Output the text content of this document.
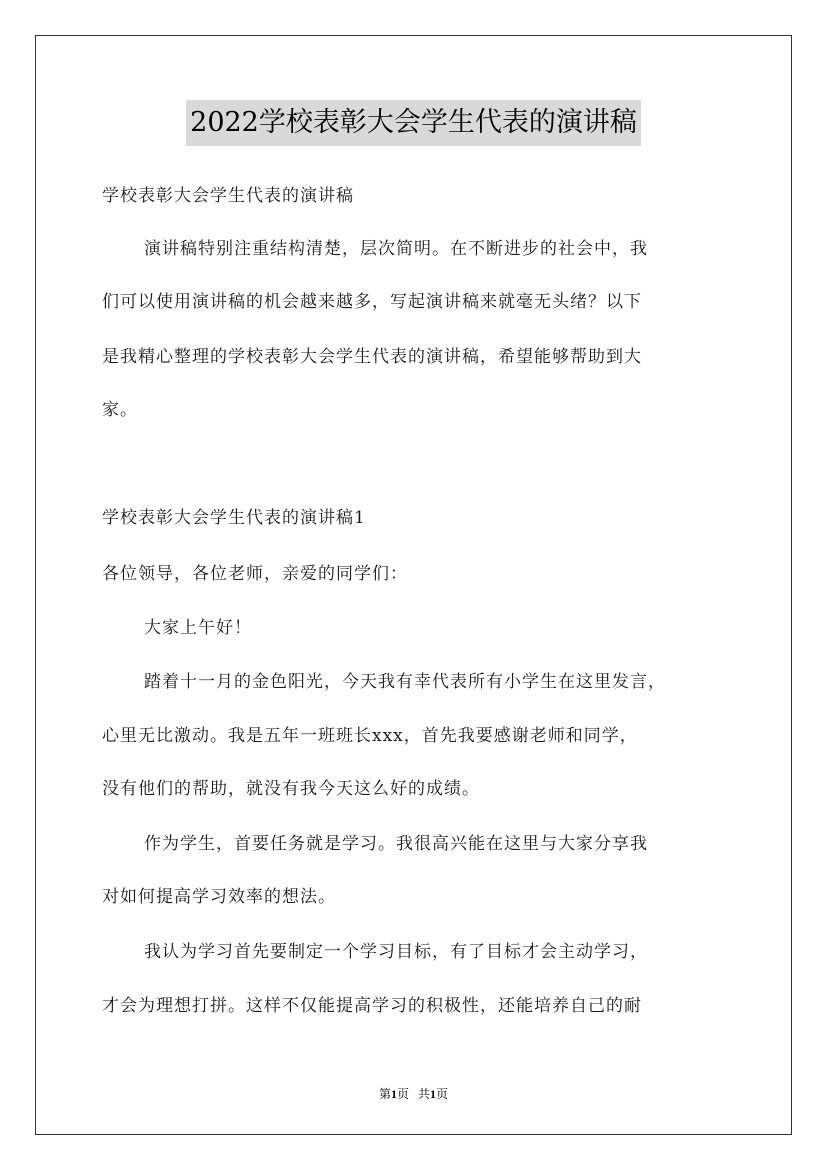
2022学校表彰大会学生代表的演讲稿
学校表彰大会学生代表的演讲稿
演讲稿特别注重结构清楚，层次简明。在不断进步的社会中，我
们可以使用演讲稿的机会越来越多，写起演讲稿来就毫无头绪？以下
是我精心整理的学校表彰大会学生代表的演讲稿，希望能够帮助到大
家。
学校表彰大会学生代表的演讲稿1
各位领导，各位老师，亲爱的同学们：
大家上午好！
踏着十一月的金色阳光，今天我有幸代表所有小学生在这里发言，
心里无比激动。我是五年一班班长xxx，首先我要感谢老师和同学，
没有他们的帮助，就没有我今天这么好的成绩。
作为学生，首要任务就是学习。我很高兴能在这里与大家分享我
对如何提高学习效率的想法。
我认为学习首先要制定一个学习目标，有了目标才会主动学习，
才会为理想打拼。这样不仅能提高学习的积极性，还能培养自己的耐
第1页 共1页
